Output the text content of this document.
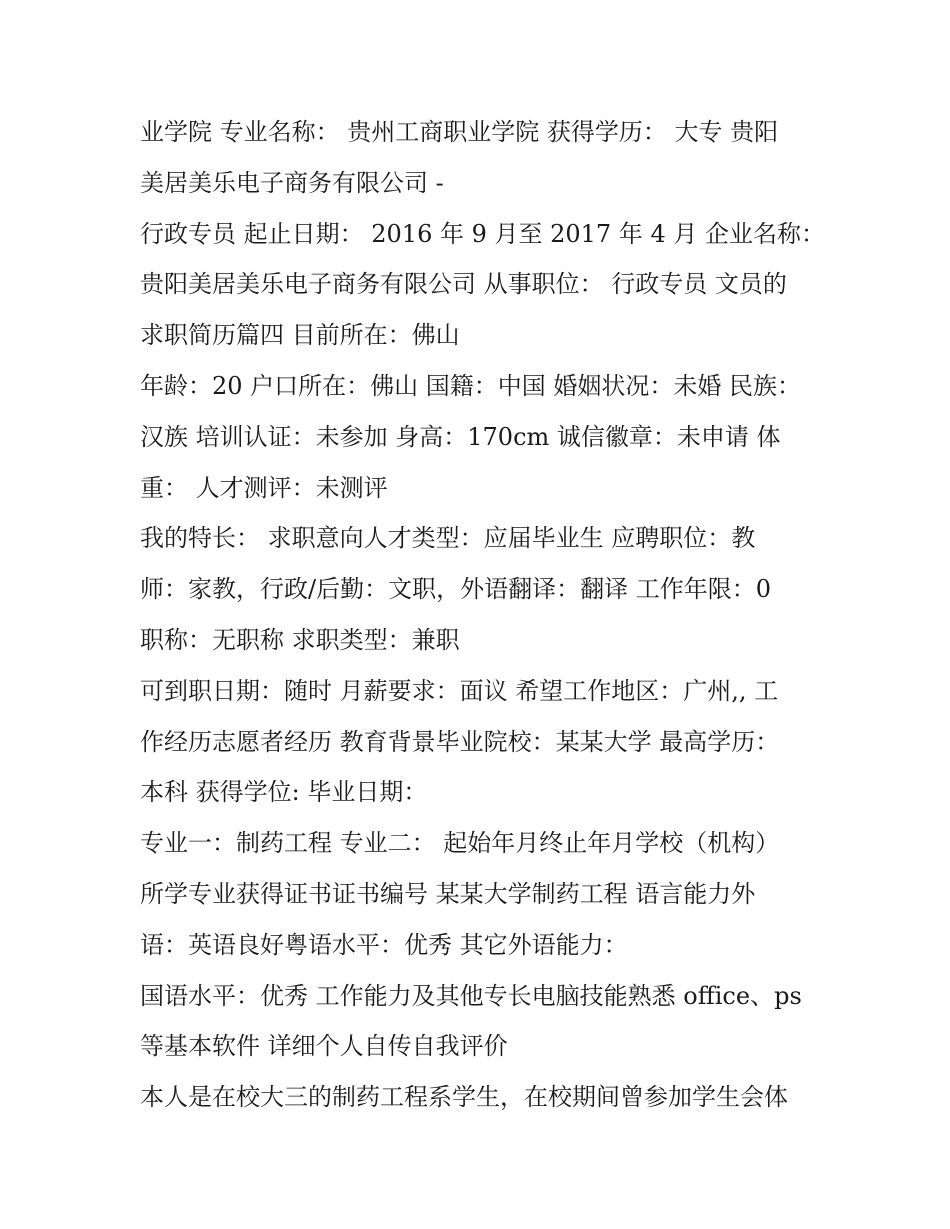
业学院 专业名称： 贵州工商职业学院 获得学历： 大专 贵阳
美居美乐电子商务有限公司 -
行政专员 起止日期： 2016 年 9 月至 2017 年 4 月 企业名称：
贵阳美居美乐电子商务有限公司 从事职位： 行政专员 文员的
求职简历篇四 目前所在：佛山
年龄：20 户口所在：佛山 国籍：中国 婚姻状况：未婚 民族：
汉族 培训认证：未参加 身高：170cm 诚信徽章：未申请 体
重： 人才测评：未测评
我的特长： 求职意向人才类型：应届毕业生 应聘职位：教
师：家教，行政/后勤：文职，外语翻译：翻译 工作年限：0
职称：无职称 求职类型：兼职
可到职日期：随时 月薪要求：面议 希望工作地区：广州,, 工
作经历志愿者经历 教育背景毕业院校：某某大学 最高学历：
本科 获得学位: 毕业日期：
专业一：制药工程 专业二： 起始年月终止年月学校（机构）
所学专业获得证书证书编号 某某大学制药工程 语言能力外
语：英语良好粤语水平：优秀 其它外语能力：
国语水平：优秀 工作能力及其他专长电脑技能熟悉 office、ps
等基本软件 详细个人自传自我评价
本人是在校大三的制药工程系学生，在校期间曾参加学生会体
